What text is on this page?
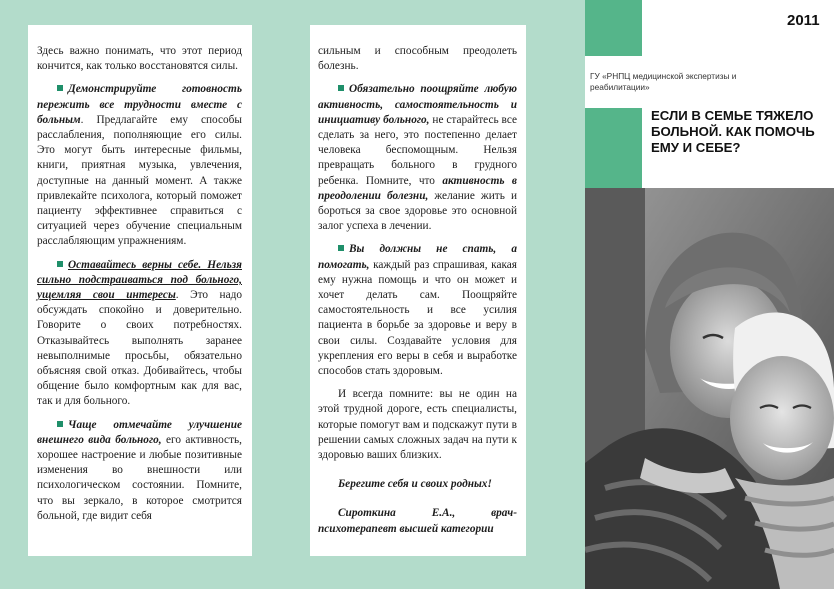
Здесь важно понимать, что этот период кончится, как только восстановятся силы.

Демонстрируйте готовность пережить все трудности вместе с больным. Предлагайте ему способы расслабления, пополняющие его силы. Это могут быть интересные фильмы, книги, приятная музыка, увлечения, доступные на данный момент. А также привлекайте психолога, который поможет пациенту эффективнее справиться с ситуацией через обучение специальным расслабляющим упражнениям.

Оставайтесь верны себе. Нельзя сильно подстраиваться под больного, ущемляя свои интересы. Это надо обсуждать спокойно и доверительно. Говорите о своих потребностях. Отказывайтесь выполнять заранее невыполнимые просьбы, обязательно объясняя свой отказ. Добивайтесь, чтобы общение было комфортным как для вас, так и для больного.

Чаще отмечайте улучшение внешнего вида больного, его активность, хорошее настроение и любые позитивные изменения во внешности или психологическом состоянии. Помните, что вы зеркало, в которое смотрится больной, где видит себя

сильным и способным преодолеть болезнь.

Обязательно поощряйте любую активность, самостоятельность и инициативу больного, не старайтесь все сделать за него, это постепенно делает человека беспомощным. Нельзя превращать больного в грудного ребенка. Помните, что активность в преодолении болезни, желание жить и бороться за свое здоровье это основной залог успеха в лечении.

Вы должны не спать, а помогать, каждый раз спрашивая, какая ему нужна помощь и что он может и хочет делать сам. Поощряйте самостоятельность и все усилия пациента в борьбе за здоровье и веру в свои силы. Создавайте условия для укрепления его веры в себя и выработке способов стать здоровым.

И всегда помните: вы не один на этой трудной дороге, есть специалисты, которые помогут вам и подскажут пути в решении самых сложных задач на пути к здоровью ваших близких.

Берегите себя и своих родных!

Сироткина Е.А., врач-психотерапевт высшей категории

2011
ГУ «РНПЦ медицинской экспертизы и реабилитации»
ЕСЛИ В СЕМЬЕ ТЯЖЕЛО БОЛЬНОЙ. КАК ПОМОЧЬ ЕМУ И СЕБЕ?
